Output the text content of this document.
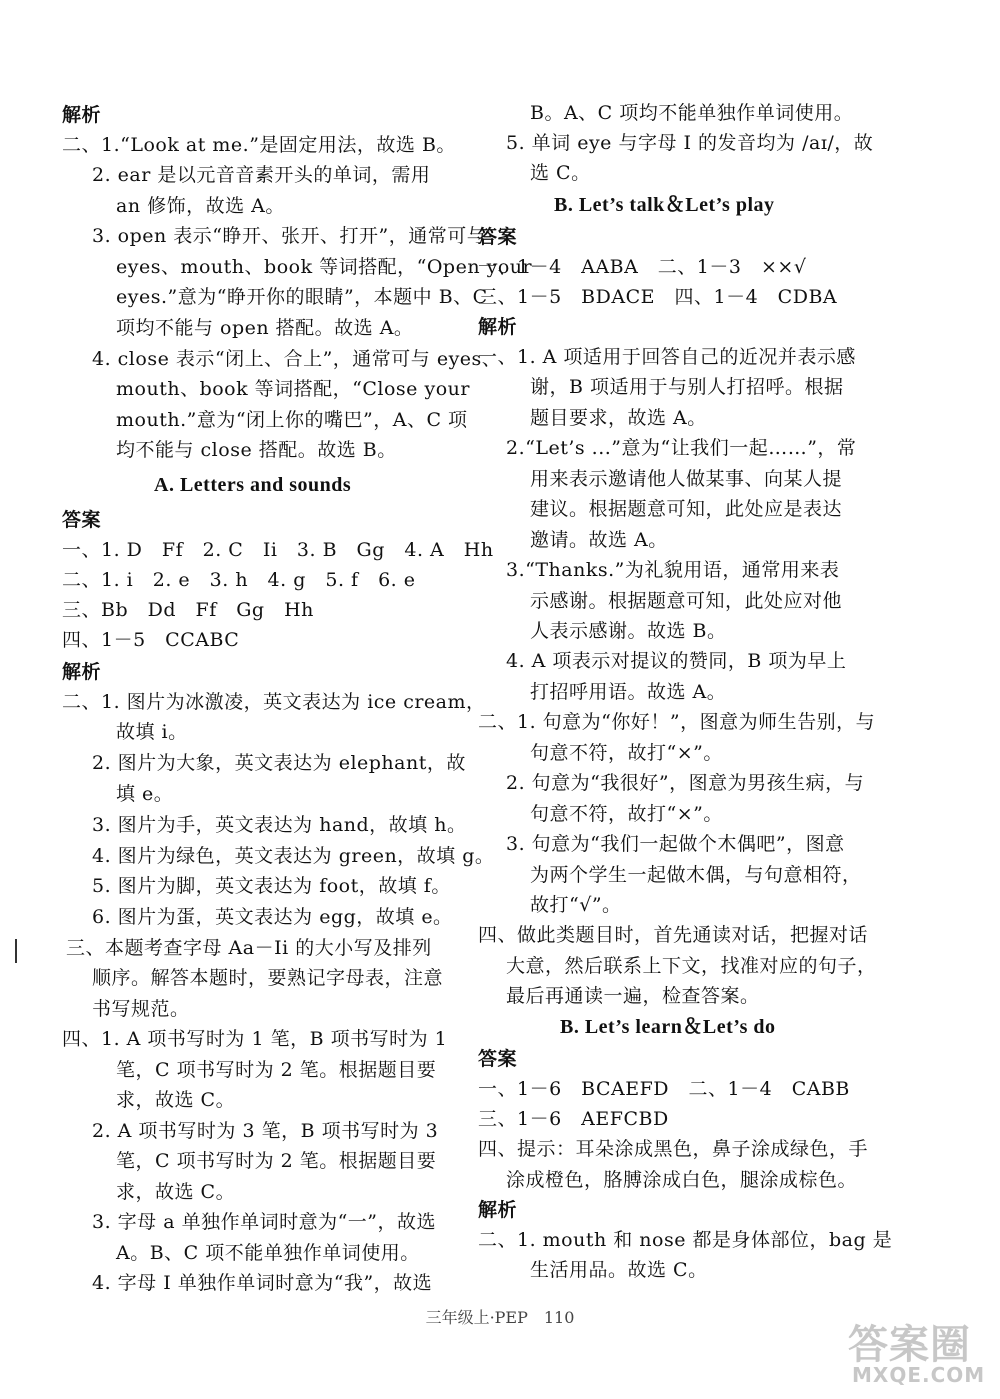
解析
二、1.“Look at me.”是固定用法，故选 B。
2. ear 是以元音音素开头的单词，需用
an 修饰，故选 A。
3. open 表示“睁开、张开、打开”，通常可与
eyes、mouth、book 等词搭配，“Open your
eyes.”意为“睁开你的眼睛”，本题中 B、C
项均不能与 open 搭配。故选 A。
4. close 表示“闭上、合上”，通常可与 eyes、
mouth、book 等词搭配，“Close your
mouth.”意为“闭上你的嘴巴”，A、C 项
均不能与 close 搭配。故选 B。
A. Letters and sounds
答案
一、1. D　Ff　2. C　Ii　3. B　Gg　4. A　Hh
二、1. i　2. e　3. h　4. g　5. f　6. e
三、Bb　Dd　Ff　Gg　Hh
四、1－5　CCABC
解析
二、1. 图片为冰激凌，英文表达为 ice cream，
故填 i。
2. 图片为大象，英文表达为 elephant，故
填 e。
3. 图片为手，英文表达为 hand，故填 h。
4. 图片为绿色，英文表达为 green，故填 g。
5. 图片为脚，英文表达为 foot，故填 f。
6. 图片为蛋，英文表达为 egg，故填 e。
三、本题考查字母 Aa－Ii 的大小写及排列
顺序。解答本题时，要熟记字母表，注意
书写规范。
四、1. A 项书写时为 1 笔，B 项书写时为 1
笔，C 项书写时为 2 笔。根据题目要
求，故选 C。
2. A 项书写时为 3 笔，B 项书写时为 3
笔，C 项书写时为 2 笔。根据题目要
求，故选 C。
3. 字母 a 单独作单词时意为“一”，故选
A。B、C 项不能单独作单词使用。
4. 字母 I 单独作单词时意为“我”，故选
B。A、C 项均不能单独作单词使用。
5. 单词 eye 与字母 I 的发音均为 /aɪ/，故
选 C。
B. Let’s talk＆Let’s play
答案
一、1－4　AABA　二、1－3　××√
三、1－5　BDACE　四、1－4　CDBA
解析
一、1. A 项适用于回答自己的近况并表示感
谢，B 项适用于与别人打招呼。根据
题目要求，故选 A。
2.“Let’s ...”意为“让我们一起……”，常
用来表示邀请他人做某事、向某人提
建议。根据题意可知，此处应是表达
邀请。故选 A。
3.“Thanks.”为礼貌用语，通常用来表
示感谢。根据题意可知，此处应对他
人表示感谢。故选 B。
4. A 项表示对提议的赞同，B 项为早上
打招呼用语。故选 A。
二、1. 句意为“你好！”，图意为师生告别，与
句意不符，故打“×”。
2. 句意为“我很好”，图意为男孩生病，与
句意不符，故打“×”。
3. 句意为“我们一起做个木偶吧”，图意
为两个学生一起做木偶，与句意相符，
故打“√”。
四、做此类题目时，首先通读对话，把握对话
大意，然后联系上下文，找准对应的句子，
最后再通读一遍，检查答案。
B. Let’s learn＆Let’s do
答案
一、1－6　BCAEFD　二、1－4　CABB
三、1－6　AEFCBD
四、提示：耳朵涂成黑色，鼻子涂成绿色，手
涂成橙色，胳膊涂成白色，腿涂成棕色。
解析
二、1. mouth 和 nose 都是身体部位，bag 是
生活用品。故选 C。
三年级上·PEP　110
答案圈
MXQE.COM
